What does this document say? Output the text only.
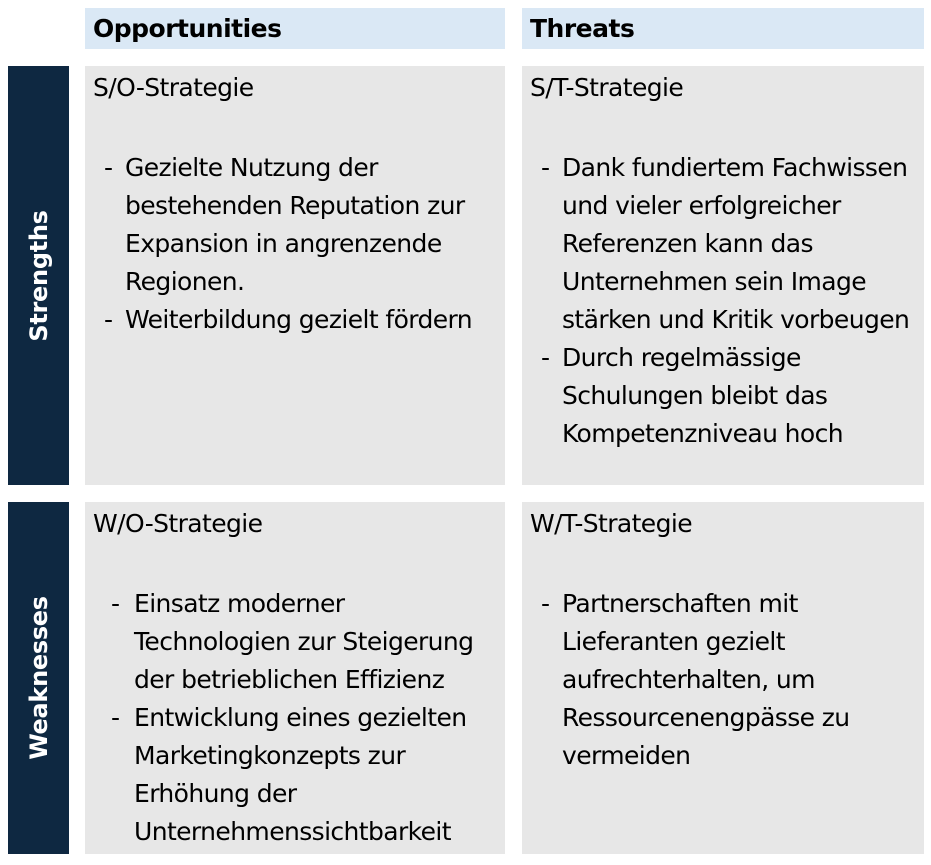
Opportunities	Threats
Strengths
Weaknesses
S/O-Strategie
- Gezielte Nutzung der bestehenden Reputation zur Expansion in angrenzende Regionen.
- Weiterbildung gezielt fördern
S/T-Strategie
- Dank fundiertem Fachwissen und vieler erfolgreicher Referenzen kann das Unternehmen sein Image stärken und Kritik vorbeugen
- Durch regelmässige Schulungen bleibt das Kompetenzniveau hoch
W/O-Strategie
- Einsatz moderner Technologien zur Steigerung der betrieblichen Effizienz
- Entwicklung eines gezielten Marketingkonzepts zur Erhöhung der Unternehmenssichtbarkeit
W/T-Strategie
- Partnerschaften mit Lieferanten gezielt aufrechterhalten, um Ressourcenengpässe zu vermeiden
